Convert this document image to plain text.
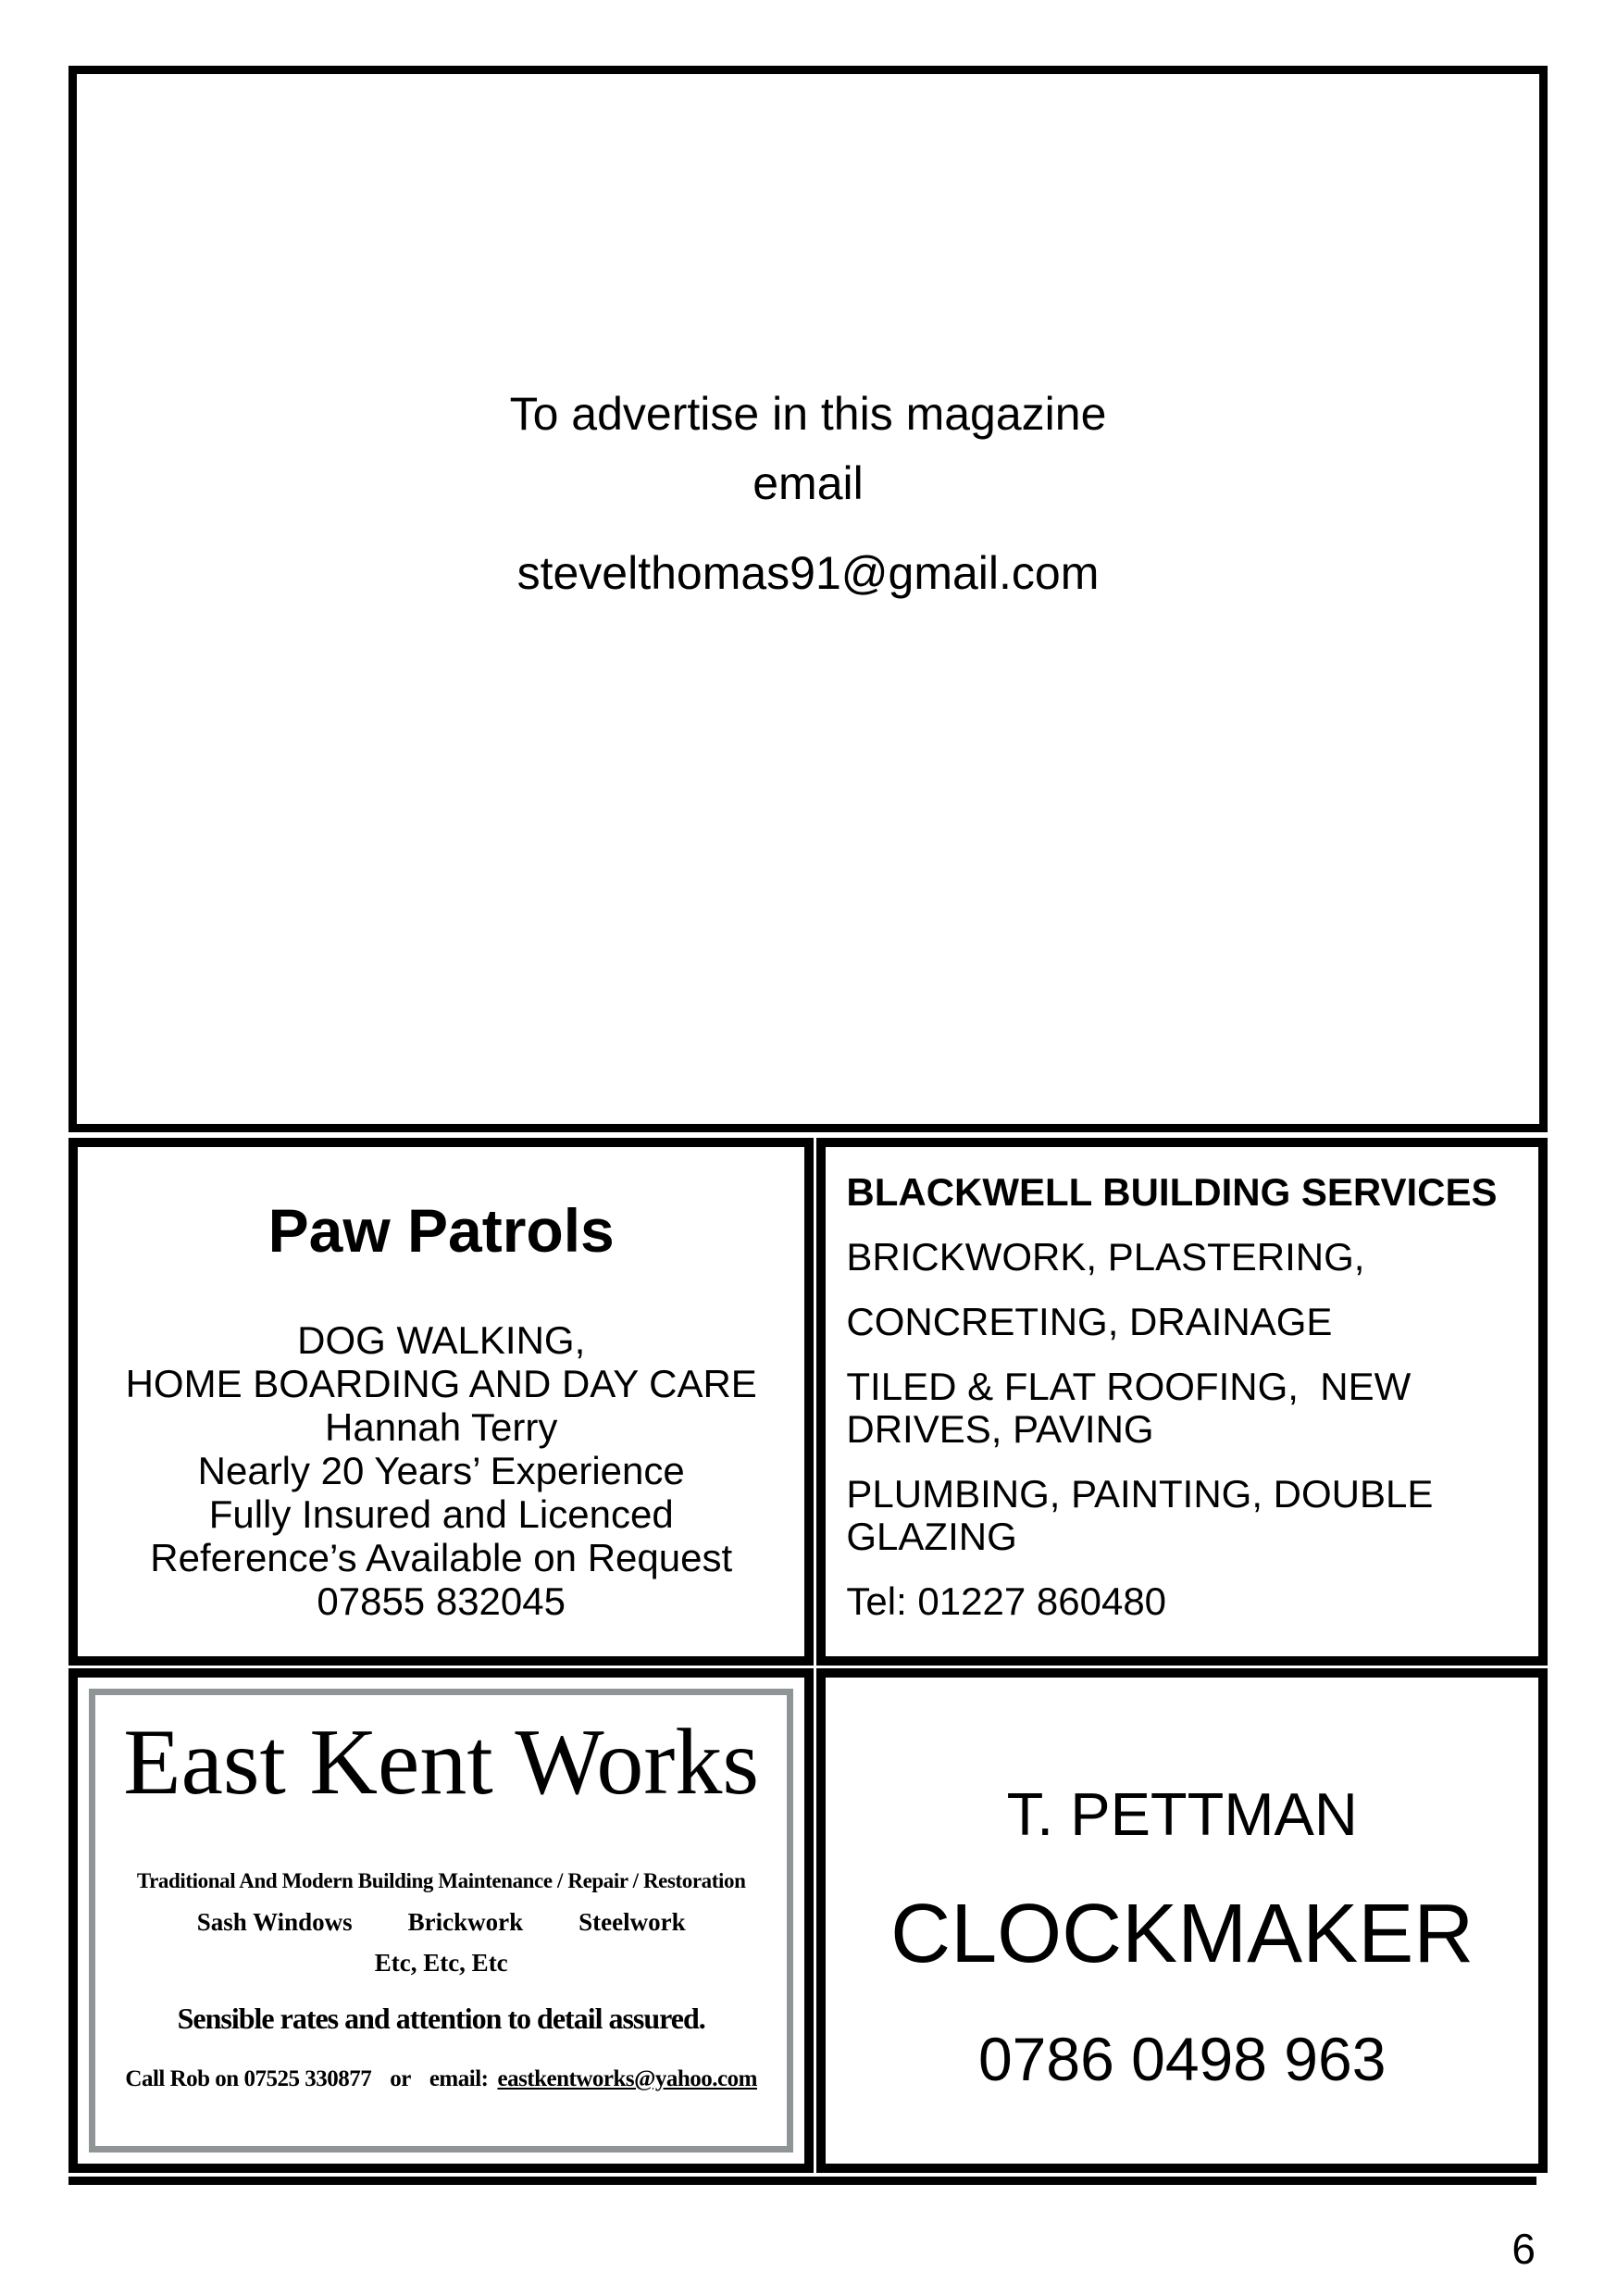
To advertise in this magazine
email
stevelthomas91@gmail.com
Paw Patrols
DOG WALKING,
HOME BOARDING AND DAY CARE
Hannah Terry
Nearly 20 Years’ Experience
Fully Insured and Licenced
Reference’s Available on Request
07855 832045
BLACKWELL BUILDING SERVICES
BRICKWORK, PLASTERING,
CONCRETING, DRAINAGE
TILED & FLAT ROOFING,  NEW
DRIVES, PAVING
PLUMBING, PAINTING, DOUBLE
GLAZING
Tel: 01227 860480
East Kent Works
Traditional And Modern Building Maintenance / Repair / Restoration
Sash Windows Brickwork Steelwork
Etc, Etc, Etc
Sensible rates and attention to detail assured.
Call Rob on 07525 330877 or email: eastkentworks@yahoo.com
T. PETTMAN
CLOCKMAKER
0786 0498 963
6
